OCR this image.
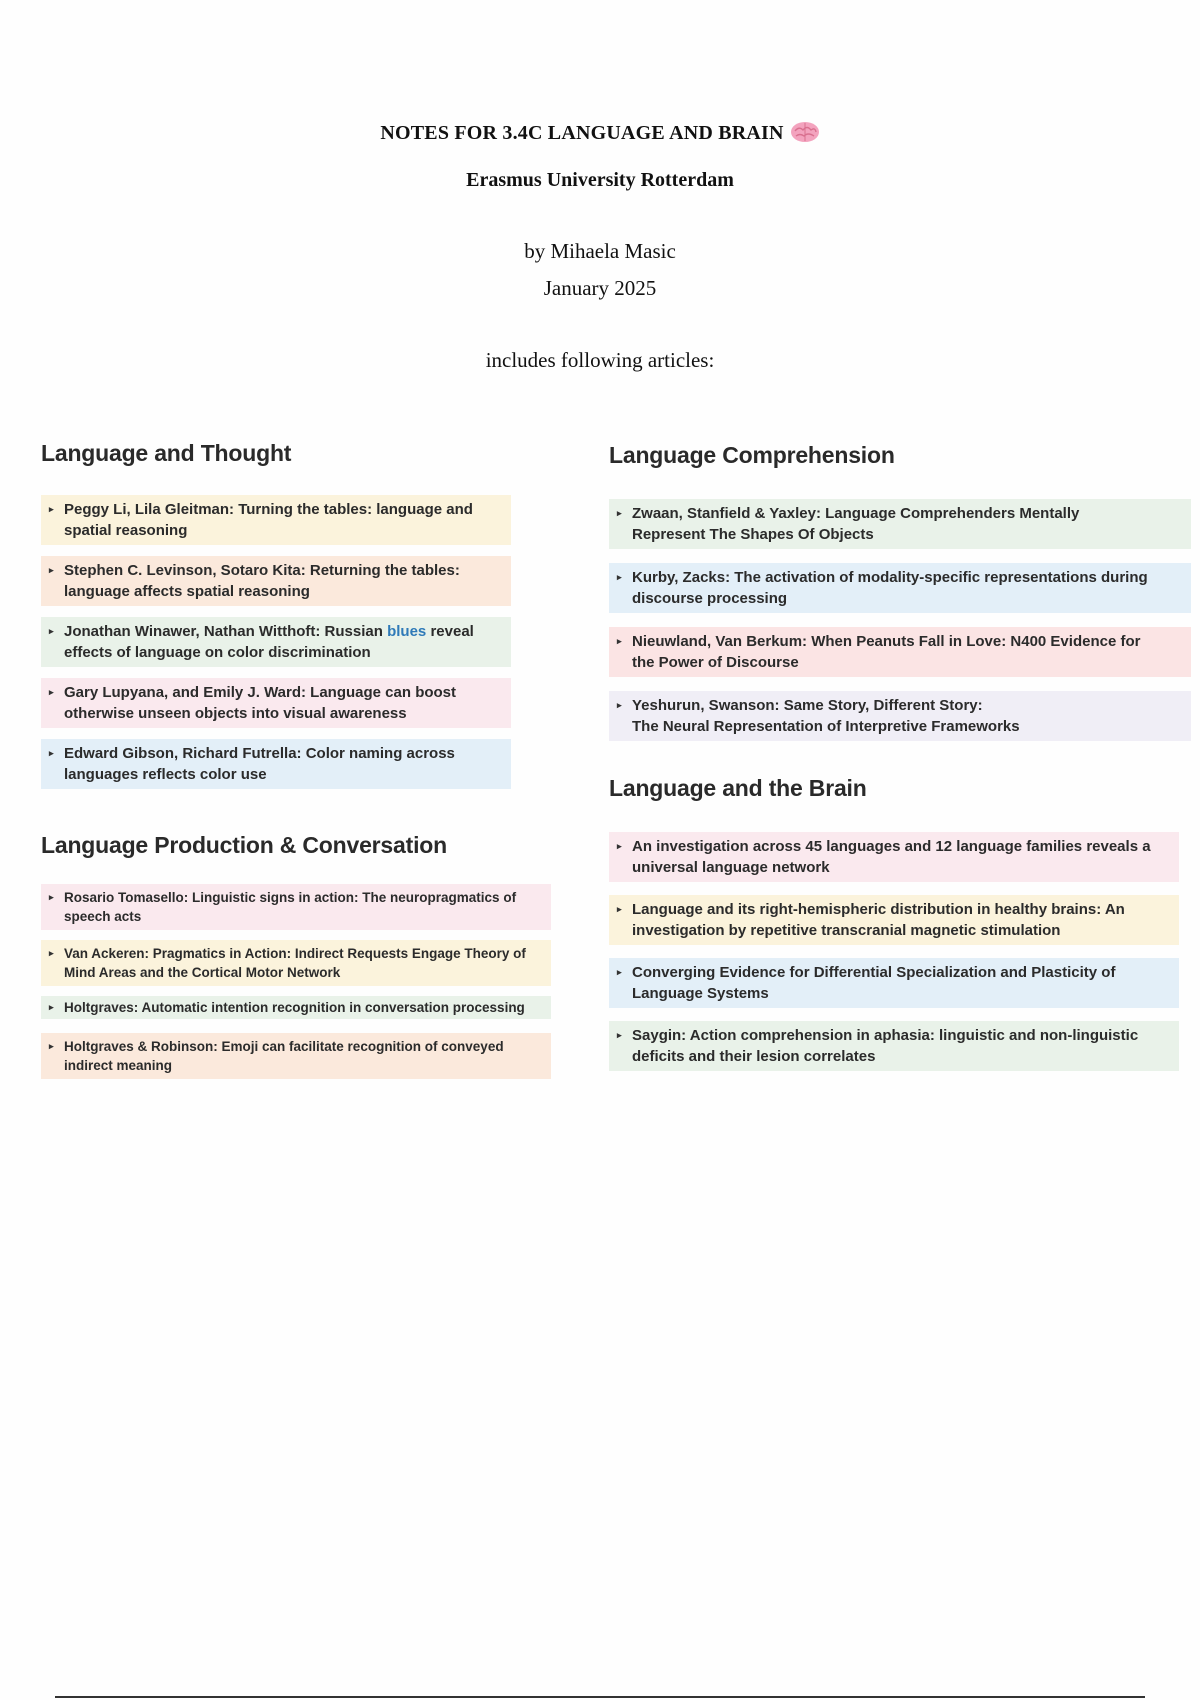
NOTES FOR 3.4C LANGUAGE AND BRAIN
Erasmus University Rotterdam
by Mihaela Masic
January 2025
includes following articles:
Language and Thought
▸ Peggy Li, Lila Gleitman: Turning the tables: language and
spatial reasoning
▸ Stephen C. Levinson, Sotaro Kita: Returning the tables:
language affects spatial reasoning
▸ Jonathan Winawer, Nathan Witthoft: Russian blues reveal
effects of language on color discrimination
▸ Gary Lupyana, and Emily J. Ward: Language can boost
otherwise unseen objects into visual awareness
▸ Edward Gibson, Richard Futrella: Color naming across
languages reflects color use
Language Production & Conversation
▸ Rosario Tomasello: Linguistic signs in action: The neuropragmatics of
speech acts
▸ Van Ackeren: Pragmatics in Action: Indirect Requests Engage Theory of
Mind Areas and the Cortical Motor Network
▸ Holtgraves: Automatic intention recognition in conversation processing
▸ Holtgraves & Robinson: Emoji can facilitate recognition of conveyed
indirect meaning
Language Comprehension
▸ Zwaan, Stanfield & Yaxley: Language Comprehenders Mentally
Represent The Shapes Of Objects
▸ Kurby, Zacks: The activation of modality-specific representations during
discourse processing
▸ Nieuwland, Van Berkum: When Peanuts Fall in Love: N400 Evidence for
the Power of Discourse
▸ Yeshurun, Swanson: Same Story, Different Story:
The Neural Representation of Interpretive Frameworks
Language and the Brain
▸ An investigation across 45 languages and 12 language families reveals a
universal language network
▸ Language and its right-hemispheric distribution in healthy brains: An
investigation by repetitive transcranial magnetic stimulation
▸ Converging Evidence for Differential Specialization and Plasticity of
Language Systems
▸ Saygin: Action comprehension in aphasia: linguistic and non-linguistic
deficits and their lesion correlates
